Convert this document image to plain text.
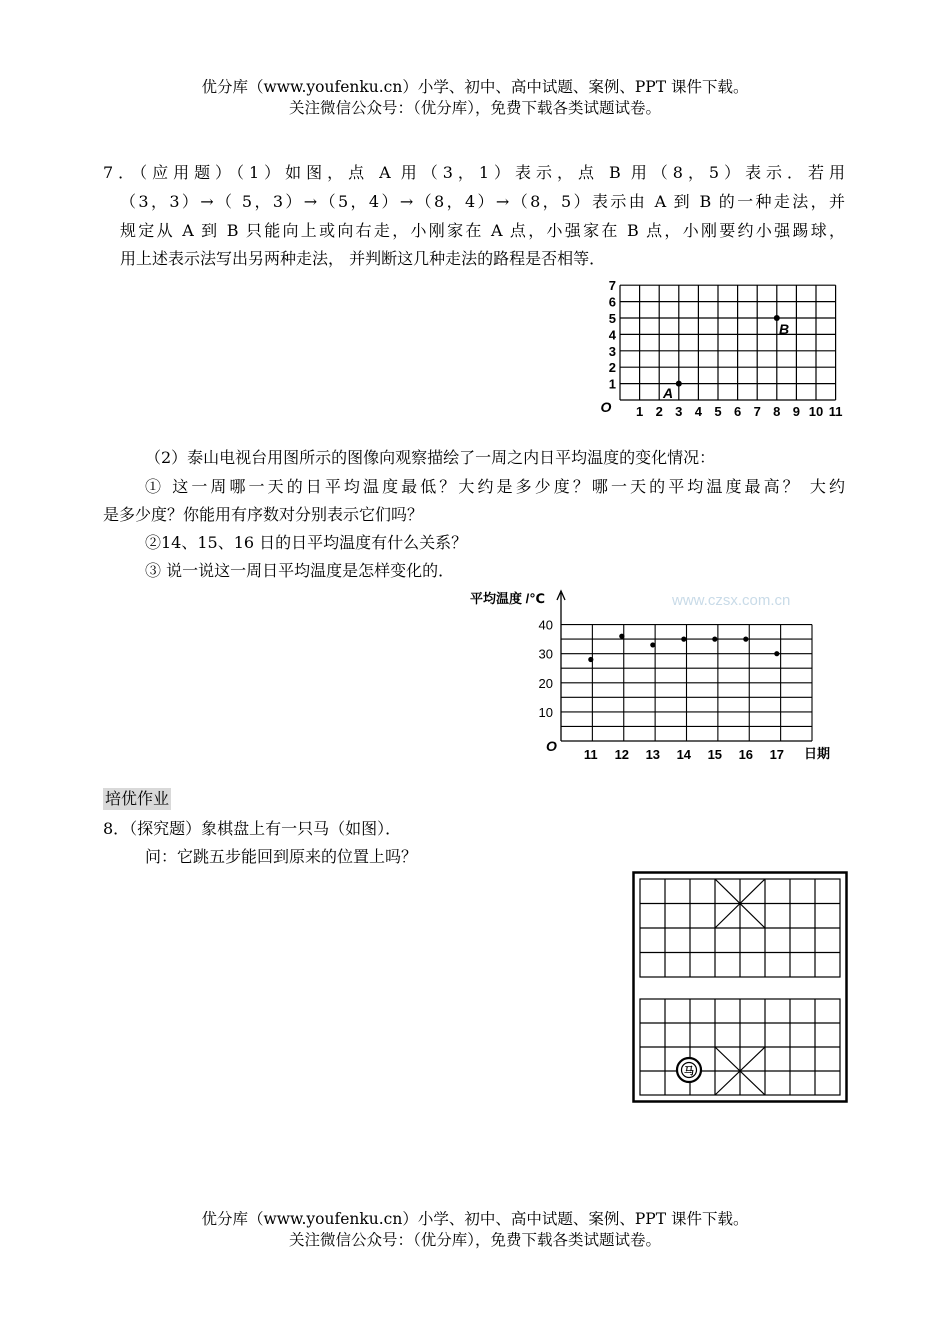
优分库（www.youfenku.cn）小学、初中、高中试题、案例、PPT 课件下载。
关注微信公众号：（优分库），免费下载各类试题试卷。
7．（应用题）（1）如图，点 A 用（3，1）表示，点 B 用（8，5）表示．若用
（3，3）→（ 5，3）→（5，4）→（8，4）→（8，5）表示由 A 到 B 的一种走法，并
规定从 A 到 B 只能向上或向右走，小刚家在 A 点，小强家在 B 点，小刚要约小强踢球，
用上述表示法写出另两种走法， 并判断这几种走法的路程是否相等．
1 2 3 4 5 6 7 8 9 10 11
1
2
3
4
5
6
7
O
A
B
（2）泰山电视台用图所示的图像向观察描绘了一周之内日平均温度的变化情况：
① 这一周哪一天的日平均温度最低？大约是多少度？哪一天的平均温度最高？ 大约
是多少度？你能用有序数对分别表示它们吗？
②14、15、16 日的日平均温度有什么关系？
③ 说一说这一周日平均温度是怎样变化的．
www.czsx.com.cn
平均温度 /℃
10
20
30
40
11 12 13 14 15 16 17
O	日期
培优作业
8．（探究题）象棋盘上有一只马（如图）．
问：它跳五步能回到原来的位置上吗？
马
优分库（www.youfenku.cn）小学、初中、高中试题、案例、PPT 课件下载。
关注微信公众号：（优分库），免费下载各类试题试卷。
